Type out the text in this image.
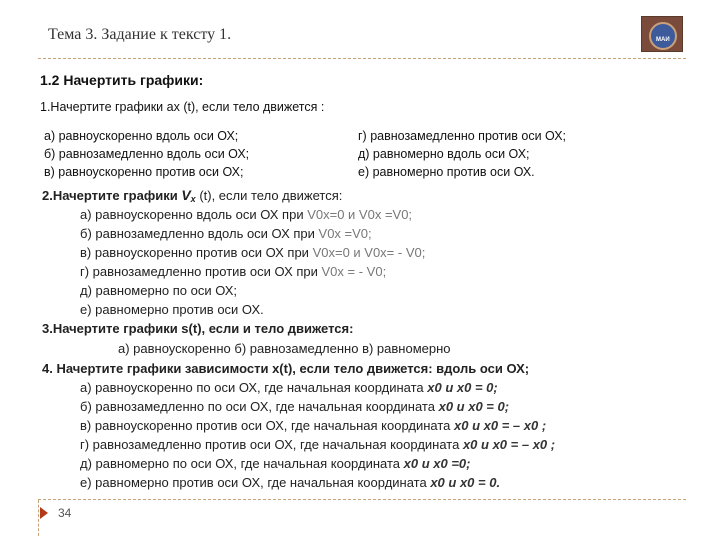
Тема 3. Задание к тексту 1.	МАИ
1.2 Начертить графики:
1.Начертите графики ax (t), если тело движется :
а) равноускоренно вдоль оси ОХ;
б) равнозамедленно вдоль оси ОХ;
в) равноускоренно против оси ОХ;
г) равнозамедленно против оси ОХ;
д) равномерно вдоль оси ОХ;
е) равномерно против оси ОХ.
2.Начертите графики $V_x$ (t), если тело движется:
а) равноускоренно вдоль оси ОХ при V0x=0 и V0x =V0;
б) равнозамедленно вдоль оси ОХ при V0x =V0;
в) равноускоренно против оси ОХ при V0x=0 и V0x= - V0;
г) равнозамедленно против оси ОХ при V0x = - V0;
д) равномерно по оси ОХ;
е) равномерно против оси ОХ.
3.Начертите графики s(t), если и тело движется:
а) равноускоренно б) равнозамедленно в) равномерно
4. Начертите графики зависимости x(t), если тело движется: вдоль оси ОХ;
а) равноускоренно по оси ОХ, где начальная координата x0 и x0 = 0;
б) равнозамедленно по оси ОХ, где начальная координата x0 и x0 = 0;
в) равноускоренно против оси ОХ, где начальная координата x0 и x0 = – x0 ;
г) равнозамедленно против оси ОХ, где начальная координата x0 и x0 = – x0 ;
д) равномерно по оси ОХ, где начальная координата x0 и x0 =0;
е) равномерно против оси ОХ, где начальная координата x0 и x0 = 0.
34
